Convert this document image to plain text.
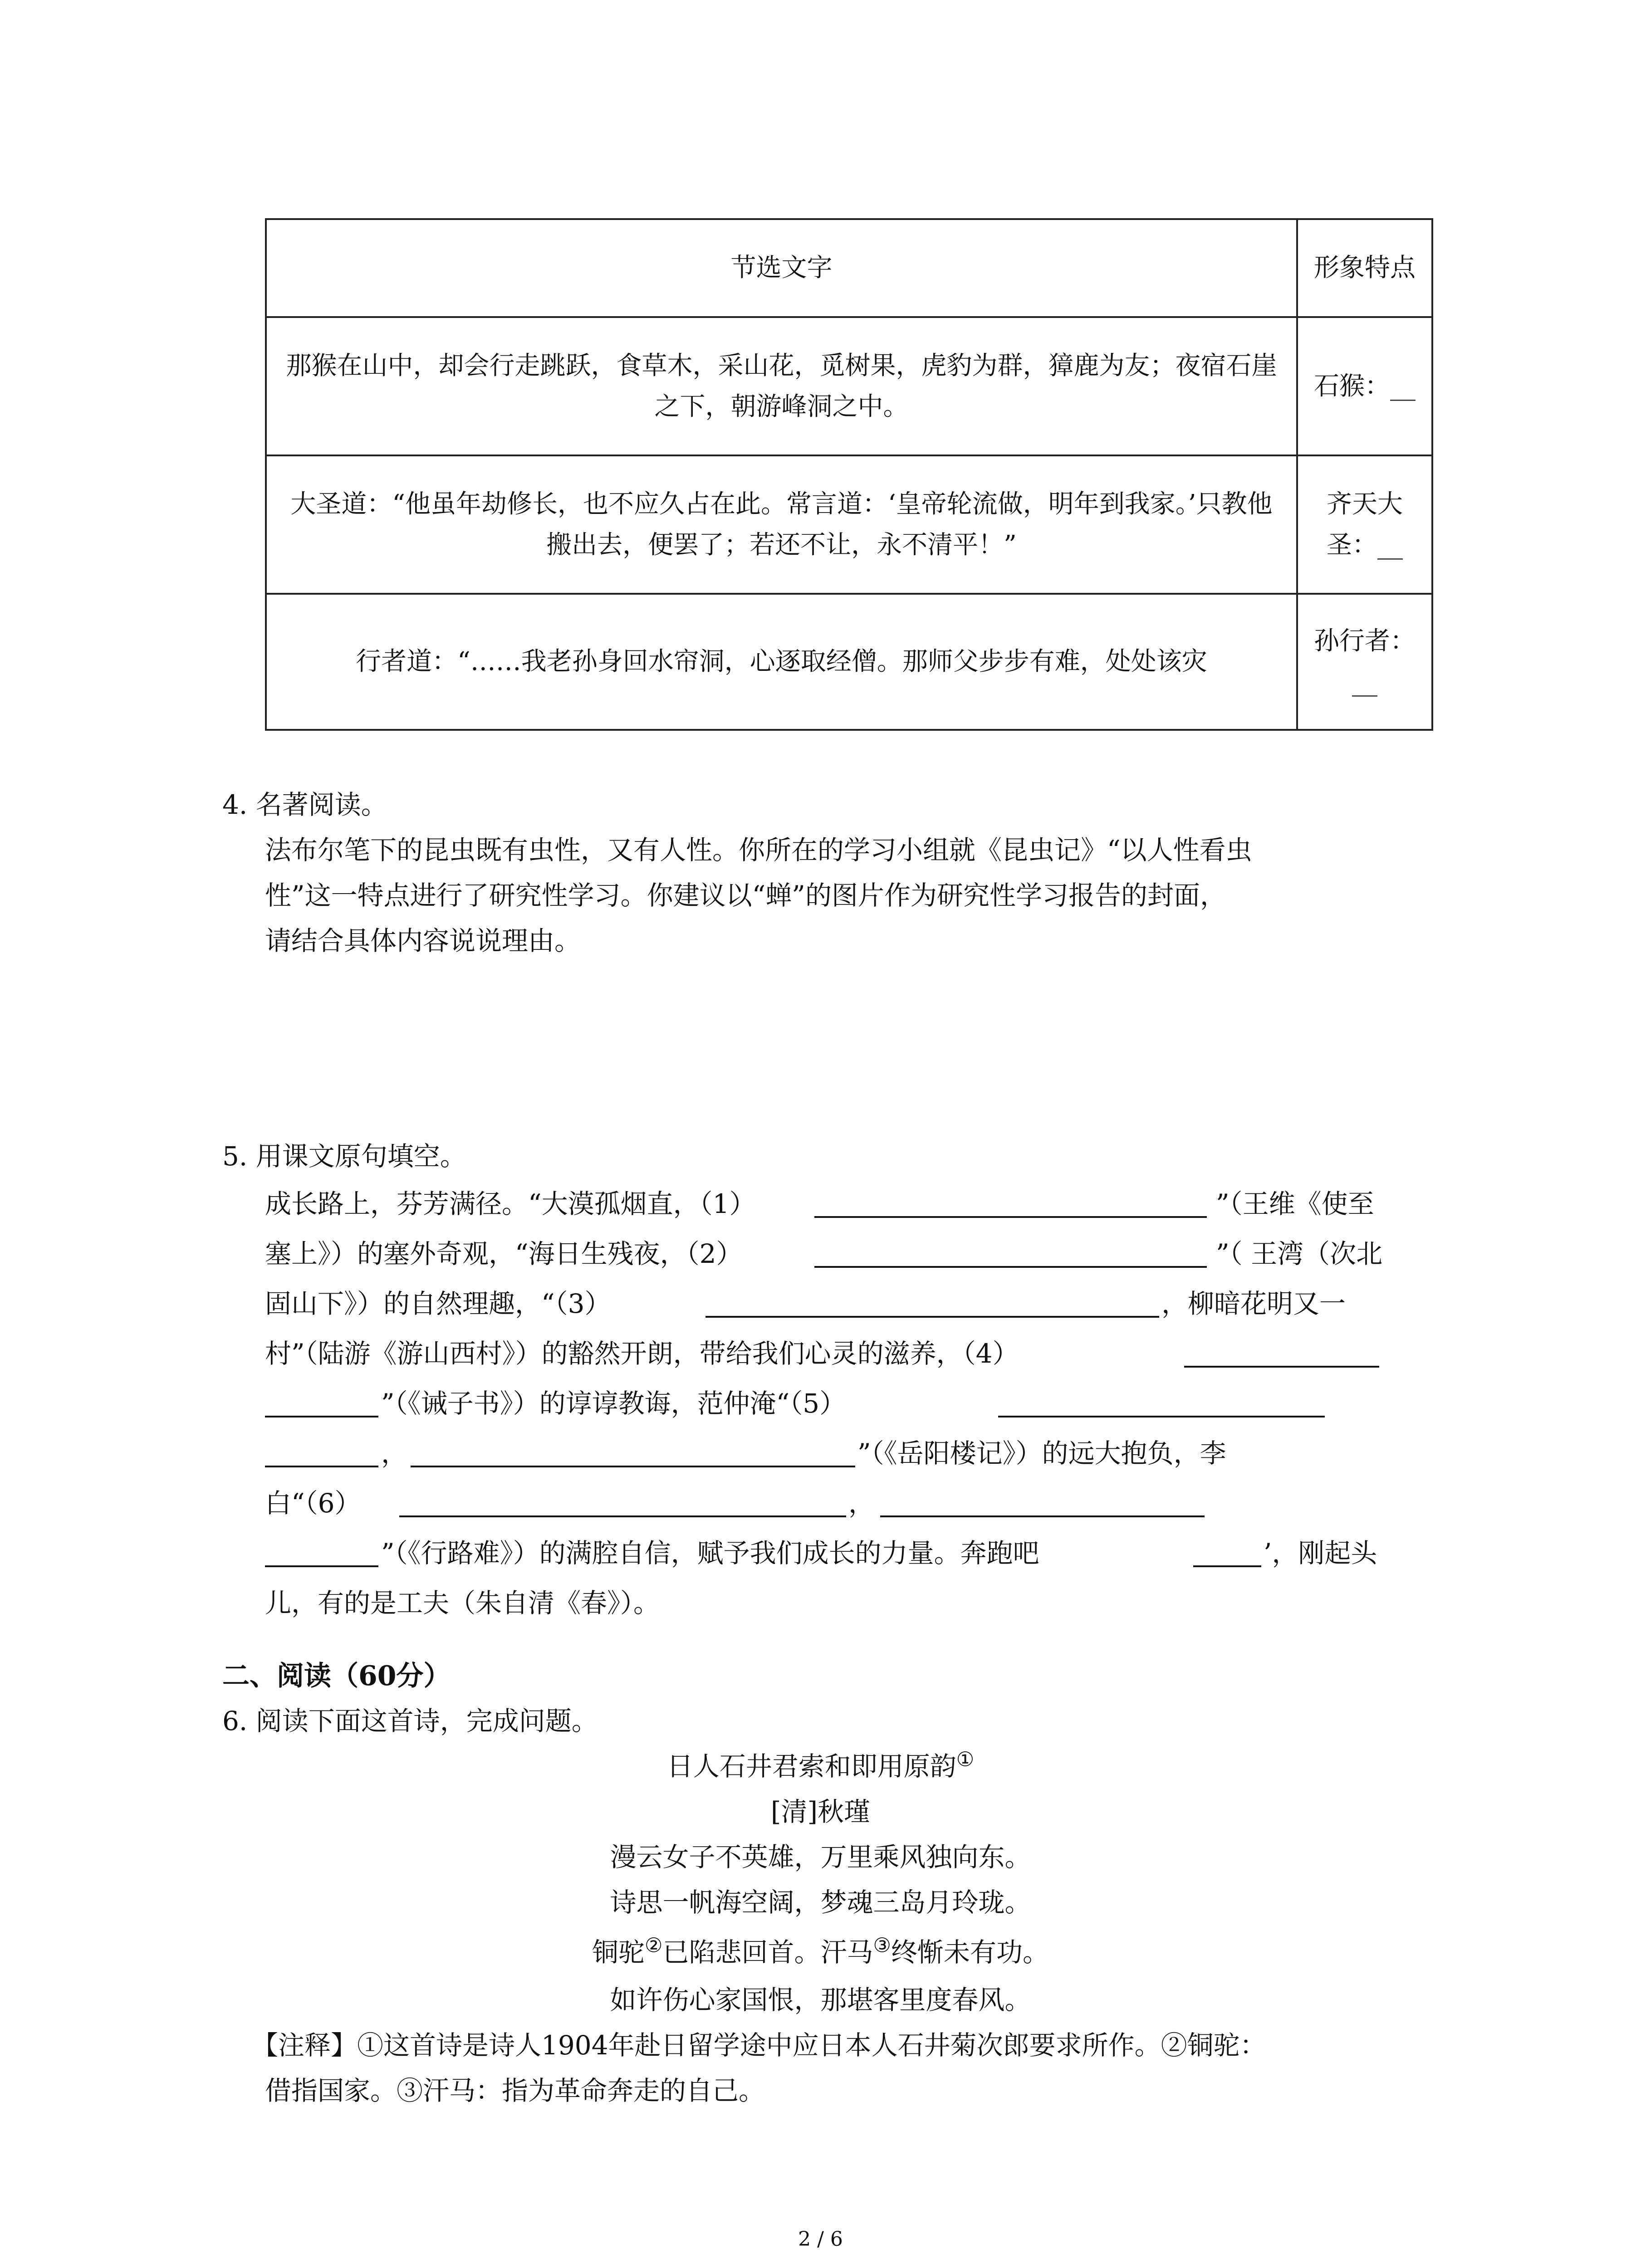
节选文字	形象特点
那猴在山中，却会行走跳跃，食草木，采山花，觅树果，虎豹为群，獐鹿为友；夜宿石崖之下，朝游峰洞之中。	石猴：__
大圣道：“他虽年劫修长，也不应久占在此。常言道：‘皇帝轮流做，明年到我家。’只教他搬出去，便罢了；若还不让，永不清平！”	齐天大圣：__
行者道：“……我老孙身回水帘洞，心逐取经僧。那师父步步有难，处处该灾	孙行者：__
4. 名著阅读。
法布尔笔下的昆虫既有虫性，又有人性。你所在的学习小组就《昆虫记》“以人性看虫
性”这一特点进行了研究性学习。你建议以“蝉”的图片作为研究性学习报告的封面，
请结合具体内容说说理由。
5. 用课文原句填空。
成长路上，芬芳满径。“大漠孤烟直，（1）	”（王维《使至
塞上》）的塞外奇观，“海日生残夜，（2）	”（ 王湾（次北
固山下》）的自然理趣，“（3）	，柳暗花明又一
村”（陆游《游山西村》）的豁然开朗，带给我们心灵的滋养，（4）
”（《诫子书》）的谆谆教诲，范仲淹“（5）
，	”（《岳阳楼记》）的远大抱负，李
白“（6）	，
”（《行路难》）的满腔自信，赋予我们成长的力量。奔跑吧	’，刚起头
儿，有的是工夫（朱自清《春》）。
二、阅读（60分）
6. 阅读下面这首诗，完成问题。
日人石井君索和即用原韵①
[清]秋瑾
漫云女子不英雄，万里乘风独向东。
诗思一帆海空阔，梦魂三岛月玲珑。
铜驼②已陷悲回首。汗马③终惭未有功。
如许伤心家国恨，那堪客里度春风。
【注释】①这首诗是诗人1904年赴日留学途中应日本人石井菊次郎要求所作。②铜驼：
借指国家。③汗马：指为革命奔走的自己。
2 / 6
